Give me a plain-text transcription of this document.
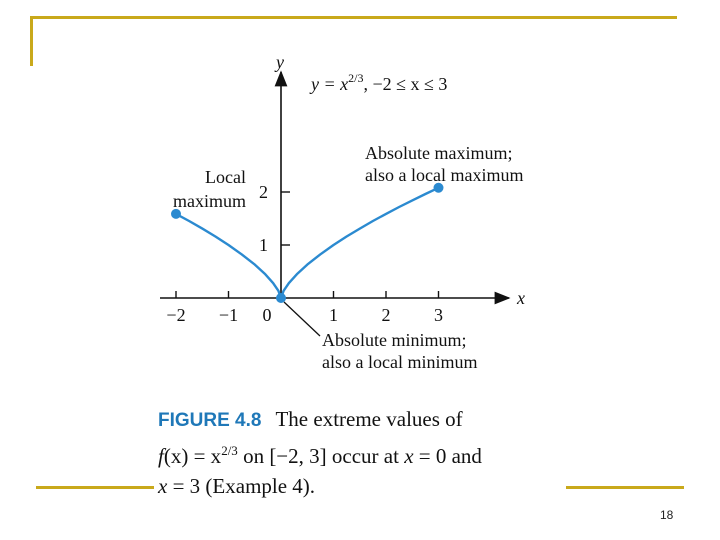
x
y
−2 −1 0	1 2 3
1
2
$y = x^{2/3}$, −2 ≤ x ≤ 3
Local
maximum
Absolute maximum;
also a local maximum
Absolute minimum;
also a local minimum
FIGURE 4.8 The extreme values of
$f(x) = x^{2/3}$ on [−2, 3] occur at x = 0 and
x = 3 (Example 4).
18
